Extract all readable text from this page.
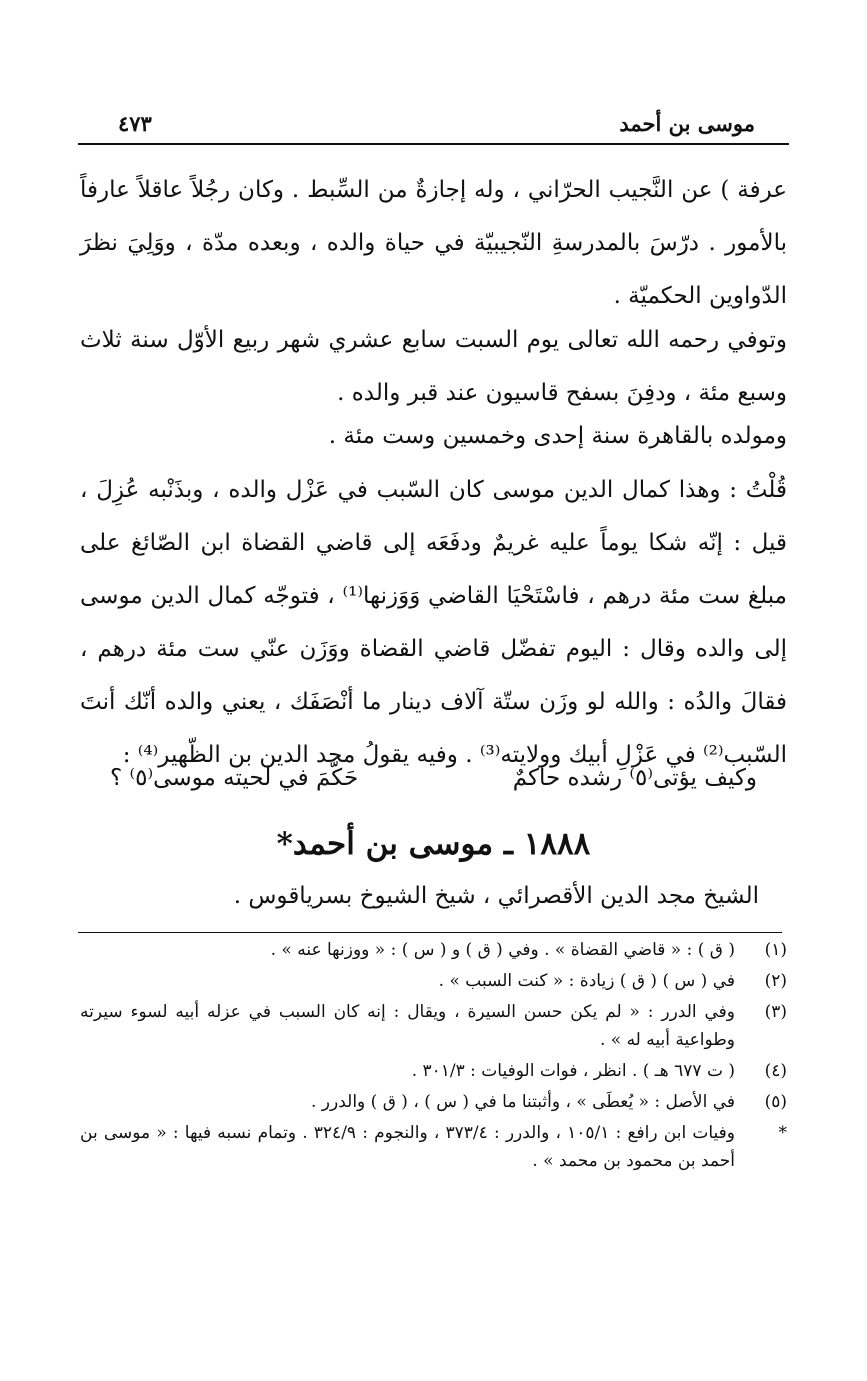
موسى بن أحمد
٤٧٣
عرفة ) عن النَّجيب الحرّاني ، وله إجازةٌ من السِّبط . وكان رجُلاً عاقلاً عارفاً بالأمور . درّسَ بالمدرسةِ النّجيبيّة في حياة والده ، وبعده مدّة ، ووَلِيَ نظرَ الدّواوين الحكميّة .
وتوفي رحمه الله تعالى يوم السبت سابع عشري شهر ربيع الأوّل سنة ثلاث وسبع مئة ، ودفِنَ بسفح قاسيون عند قبر والده .
ومولده بالقاهرة سنة إحدى وخمسين وست مئة .
قُلْتُ : وهذا كمال الدين موسى كان السّبب في عَزْل والده ، وبذَنْبه عُزِلَ ، قيل : إنّه شكا يوماً عليه غريمٌ ودفَعَه إلى قاضي القضاة ابن الصّائغ على مبلغ ست مئة درهم ، فاسْتَحْيَا القاضي وَوَزنها⁽¹⁾ ، فتوجّه كمال الدين موسى إلى والده وقال : اليوم تفضّل قاضي القضاة ووَزَن عنّي ست مئة درهم ، فقالَ والدُه : والله لو وزَن ستّة آلاف دينار ما أنْصَفَك ، يعني والده أنّك أنتَ السّبب⁽²⁾ في عَزْلِ أبيك وولايته⁽³⁾ . وفيه يقولُ مجد الدين بن الظّهير⁽⁴⁾ :
وكيف يؤتى⁽٥⁾ رشده حاكمٌ
حَكّمَ في لحيته موسى⁽٥⁾ ؟
١٨٨٨ ـ موسى بن أحمد*
الشيخ مجد الدين الأقصرائي ، شيخ الشيوخ بسرياقوس .
(١)
( ق ) : « قاضي القضاة » . وفي ( ق ) و ( س ) : « ووزنها عنه » .
(٢)
في ( س ) ( ق ) زيادة : « كنت السبب » .
(٣)
وفي الدرر : « لم يكن حسن السيرة ، ويقال : إنه كان السبب في عزله أبيه لسوء سيرته وطواعية أبيه له » .
(٤)
( ت ٦٧٧ هـ ) . انظر ، فوات الوفيات : ٣٠١/٣ .
(٥)
في الأصل : « يُعطَى » ، وأثبتنا ما في ( س ) ، ( ق ) والدرر .
*
وفيات ابن رافع : ١٠٥/١ ، والدرر : ٣٧٣/٤ ، والنجوم : ٣٢٤/٩ . وتمام نسبه فيها : « موسى بن أحمد بن محمود بن محمد » .
